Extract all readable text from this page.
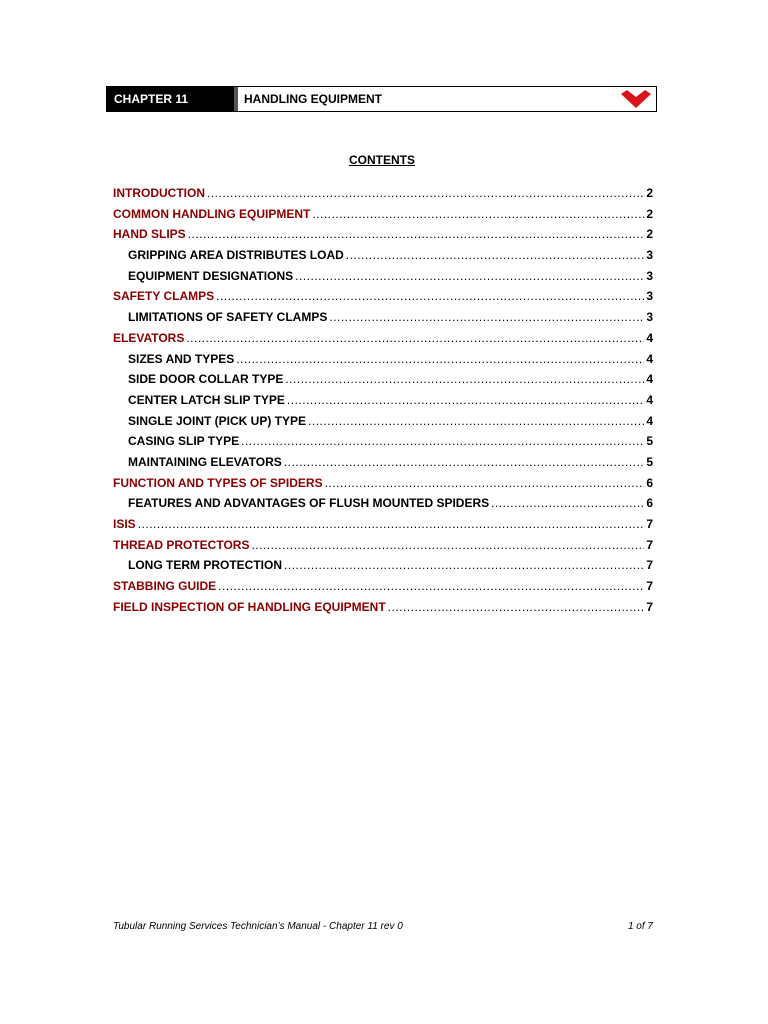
CHAPTER 11	HANDLING EQUIPMENT
CONTENTS
INTRODUCTION .....	2
COMMON HANDLING EQUIPMENT .....	2
HAND SLIPS .....	2
GRIPPING AREA DISTRIBUTES LOAD .....	3
EQUIPMENT DESIGNATIONS .....	3
SAFETY CLAMPS .....	3
LIMITATIONS OF SAFETY CLAMPS .....	3
ELEVATORS .....	4
SIZES AND TYPES .....	4
SIDE DOOR COLLAR TYPE .....	4
CENTER LATCH SLIP TYPE .....	4
SINGLE JOINT (PICK UP) TYPE .....	4
CASING SLIP TYPE .....	5
MAINTAINING ELEVATORS .....	5
FUNCTION AND TYPES OF SPIDERS .....	6
FEATURES AND ADVANTAGES OF FLUSH MOUNTED SPIDERS .....	6
ISIS .....	7
THREAD PROTECTORS .....	7
LONG TERM PROTECTION .....	7
STABBING GUIDE .....	7
FIELD INSPECTION OF HANDLING EQUIPMENT .....	7
Tubular Running Services Technician’s Manual - Chapter 11 rev 0	1 of 7
